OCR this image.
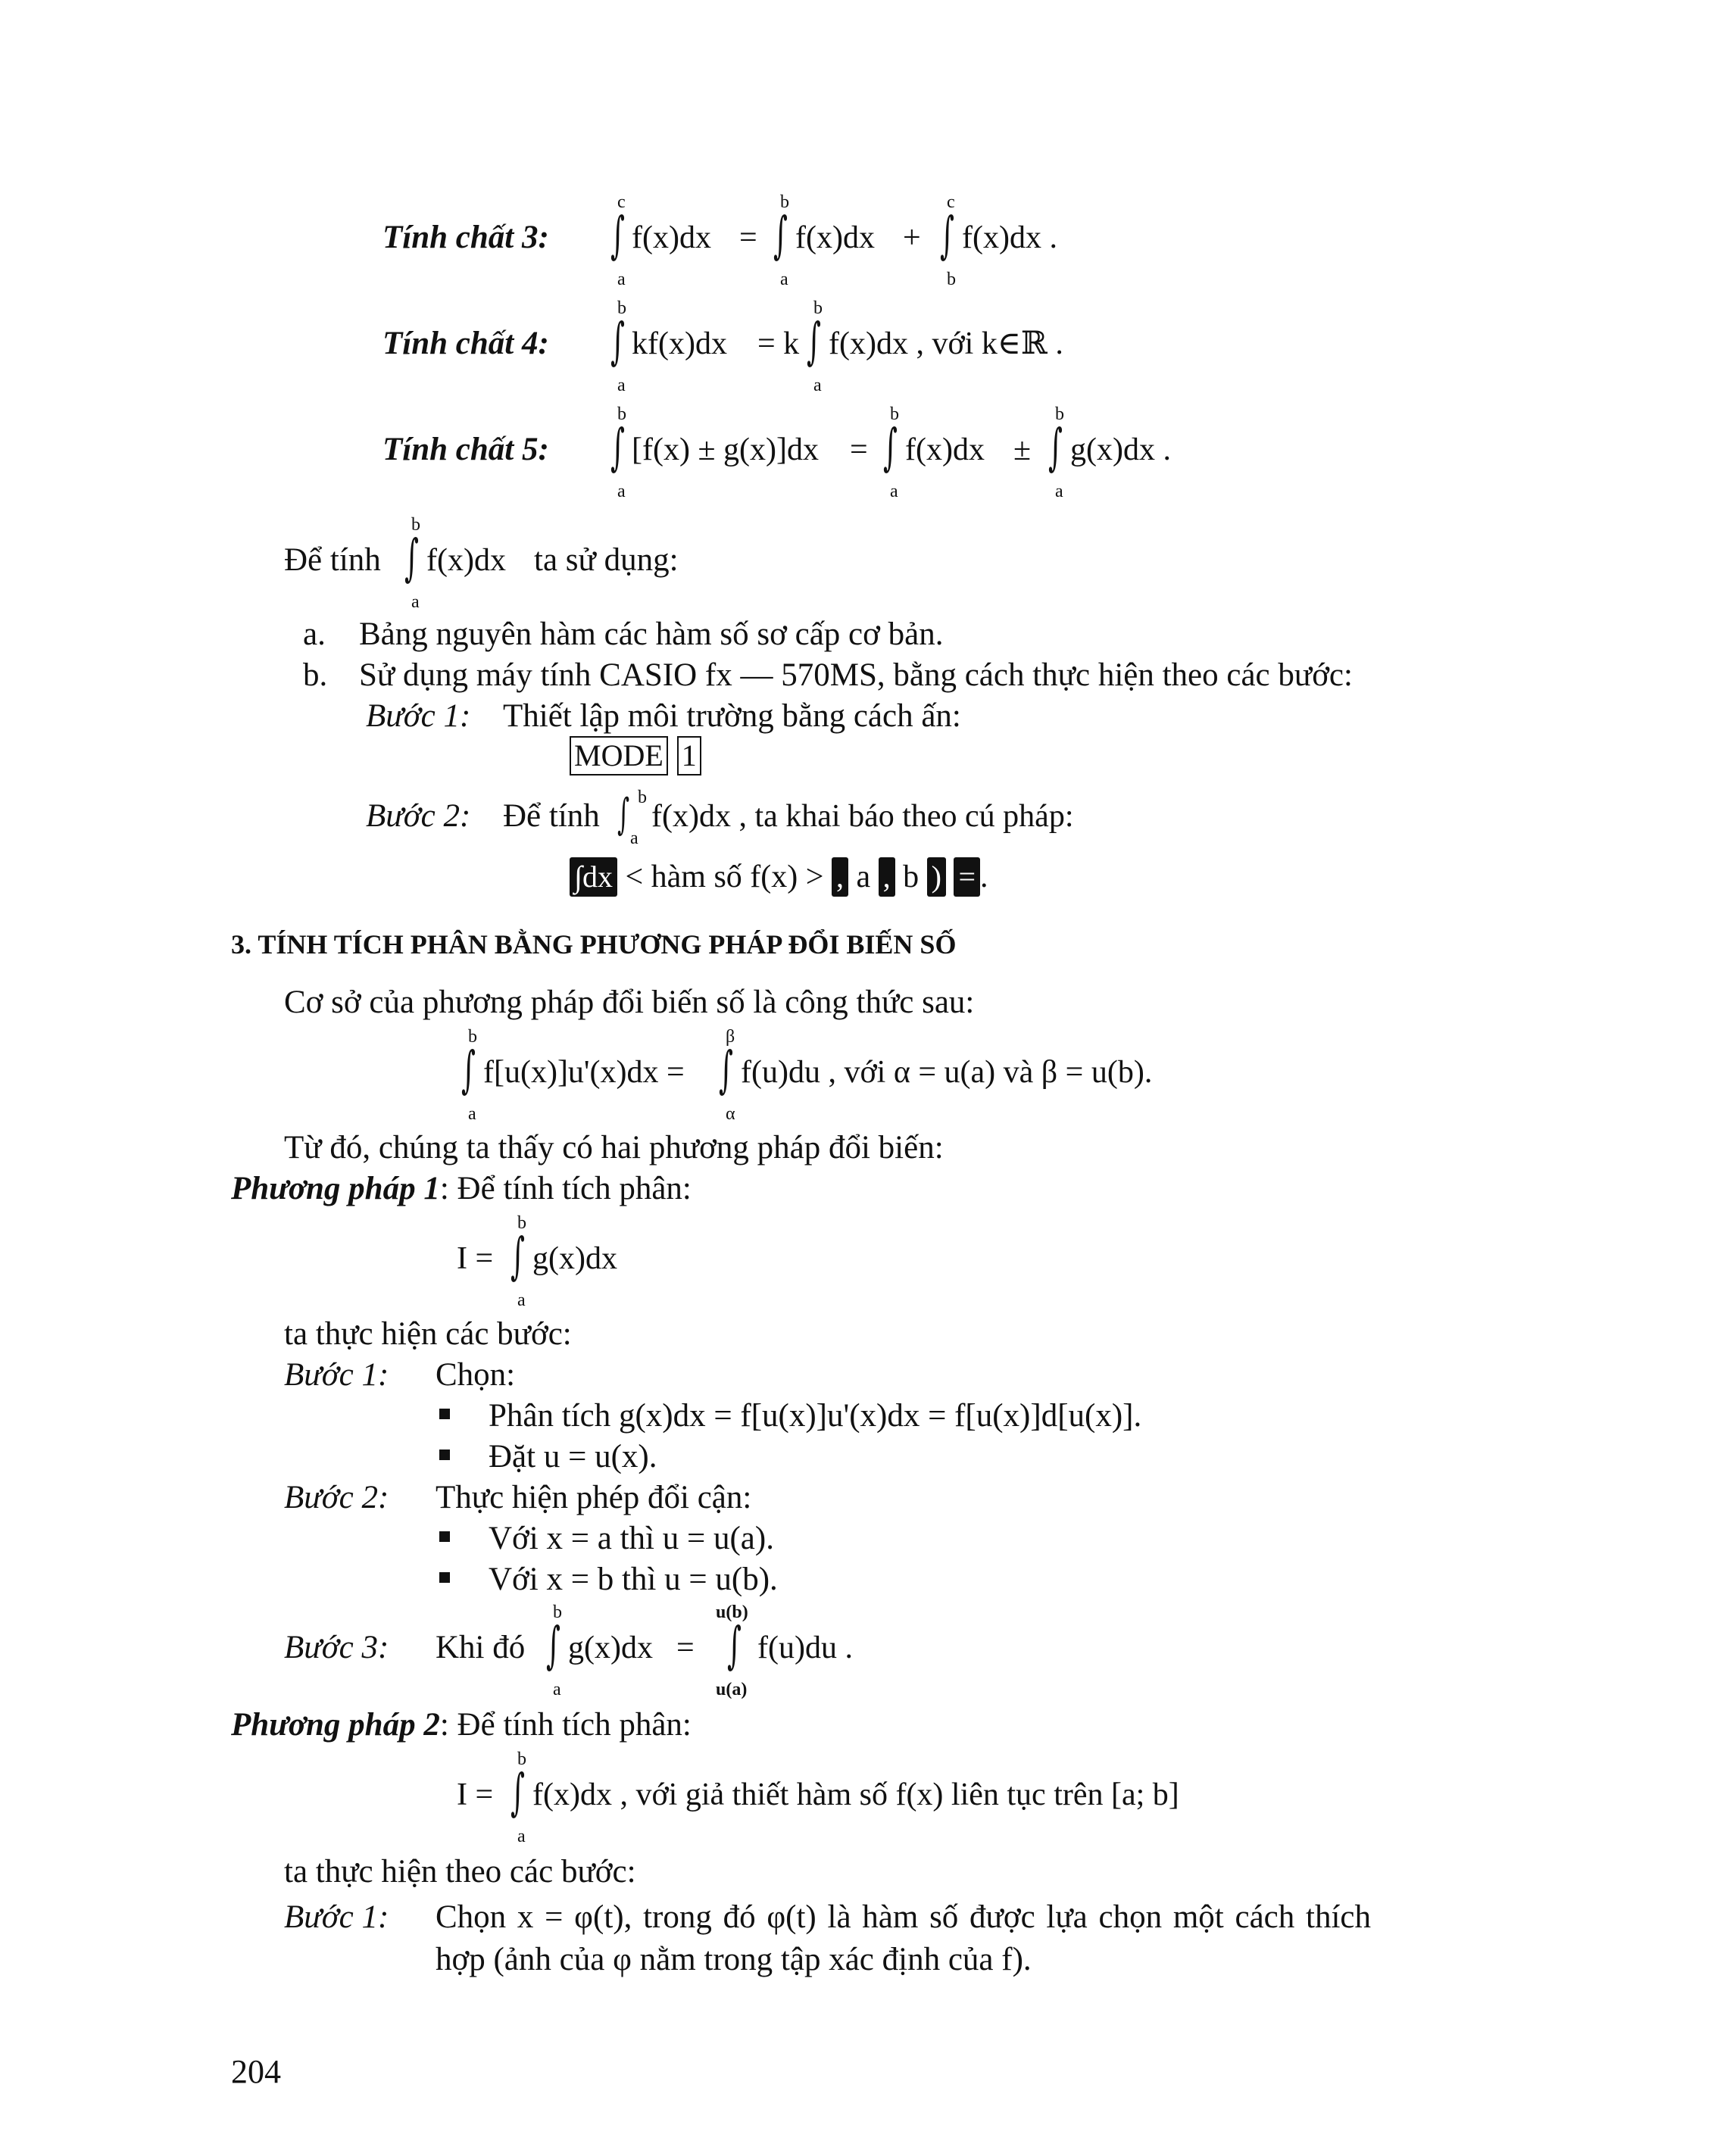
Tính chất 3:
c
∫
a
f(x)dx =
b
∫
a
f(x)dx +
c
∫
b
f(x)dx .
Tính chất 4:
b
∫
a
kf(x)dx = k
b
∫
a
f(x)dx , với k∈ℝ .
Tính chất 5:
b
∫
a
[f(x) ± g(x)]dx =
b
∫
a
f(x)dx ±
b
∫
a
g(x)dx .
Để tính
b
∫
a
f(x)dx ta sử dụng:
a. Bảng nguyên hàm các hàm số sơ cấp cơ bản.
b. Sử dụng máy tính CASIO fx — 570MS, bằng cách thực hiện theo các bước:
Bước 1: Thiết lập môi trường bằng cách ấn:
MODE 1
Bước 2: Để tính ∫ b
a
f(x)dx , ta khai báo theo cú pháp:
∫dx < hàm số f(x) > , a , b ) = .
3. TÍNH TÍCH PHÂN BẰNG PHƯƠNG PHÁP ĐỔI BIẾN SỐ
Cơ sở của phương pháp đổi biến số là công thức sau:
b
∫
a
f[u(x)]u'(x)dx =
β
∫
α
f(u)du , với α = u(a) và β = u(b).
Từ đó, chúng ta thấy có hai phương pháp đổi biến:
Phương pháp 1: Để tính tích phân:
I =
b
∫
a
g(x)dx
ta thực hiện các bước:
Bước 1: Chọn:
Phân tích g(x)dx = f[u(x)]u'(x)dx = f[u(x)]d[u(x)].
Đặt u = u(x).
Bước 2: Thực hiện phép đổi cận:
Với x = a thì u = u(a).
Với x = b thì u = u(b).
Bước 3: Khi đó
b
∫
a
g(x)dx =
u(b)
∫
u(a)
f(u)du .
Phương pháp 2: Để tính tích phân:
I =
b
∫
a
f(x)dx , với giả thiết hàm số f(x) liên tục trên [a; b]
ta thực hiện theo các bước:
Bước 1: Chọn x = φ(t), trong đó φ(t) là hàm số được lựa chọn một cách thích
hợp (ảnh của φ nằm trong tập xác định của f).
204
